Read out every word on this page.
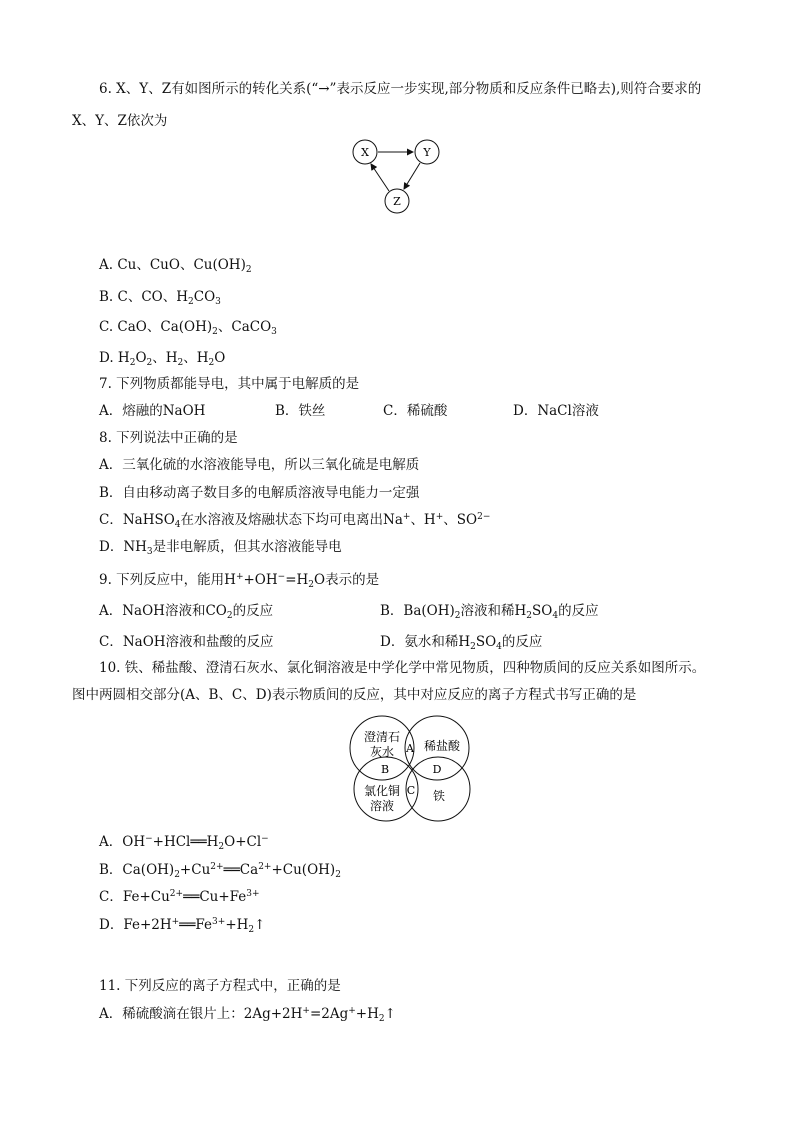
6. X、Y、Z有如图所示的转化关系(“→”表示反应一步实现,部分物质和反应条件已略去),则符合要求的
X、Y、Z依次为
X	Y
Z
A. Cu、CuO、$Cu(OH)_2$
B. C、CO、$H_2CO_3$
C. CaO、$Ca(OH)_2$、CaCO$_3$
D. $H_2O_2$、$H_2$、$H_2O$
7. 下列物质都能导电，其中属于电解质的是
A．熔融的NaOH	B．铁丝	C．稀硫酸	D．NaCl溶液
8. 下列说法中正确的是
A．三氧化硫的水溶液能导电，所以三氧化硫是电解质
B．自由移动离子数目多的电解质溶液导电能力一定强
C．NaHSO$_4$在水溶液及熔融状态下均可电离出Na+、H+、$SO^{2-}$
D．$NH_3$是非电解质，但其水溶液能导电
9. 下列反应中，能用$H^++OH^-=H_2O$表示的是
A．NaOH溶液和$CO_2$的反应	B．$Ba(OH)_2$溶液和稀$H_2SO_4$的反应
C．NaOH溶液和盐酸的反应	D．氨水和稀$H_2SO_4$的反应
10. 铁、稀盐酸、澄清石灰水、氯化铜溶液是中学化学中常见物质，四种物质间的反应关系如图所示。
图中两圆相交部分(A、B、C、D)表示物质间的反应，其中对应反应的离子方程式书写正确的是
澄清石
灰水 稀盐酸
氯化铜
溶液
铁
A
B
C
D
A．$OH^-+HCl══H_2O+Cl^-$
B．$Ca(OH)_2+Cu^{2+}══Ca^{2+}+Cu(OH)_2$
C．$Fe+Cu^{2+}══Cu+Fe^{3+}$
D．$Fe+2H^+══Fe^{3+}+H_2↑$
11. 下列反应的离子方程式中，正确的是
A．稀硫酸滴在银片上：$2Ag+2H^+=2Ag^++H_2↑$
